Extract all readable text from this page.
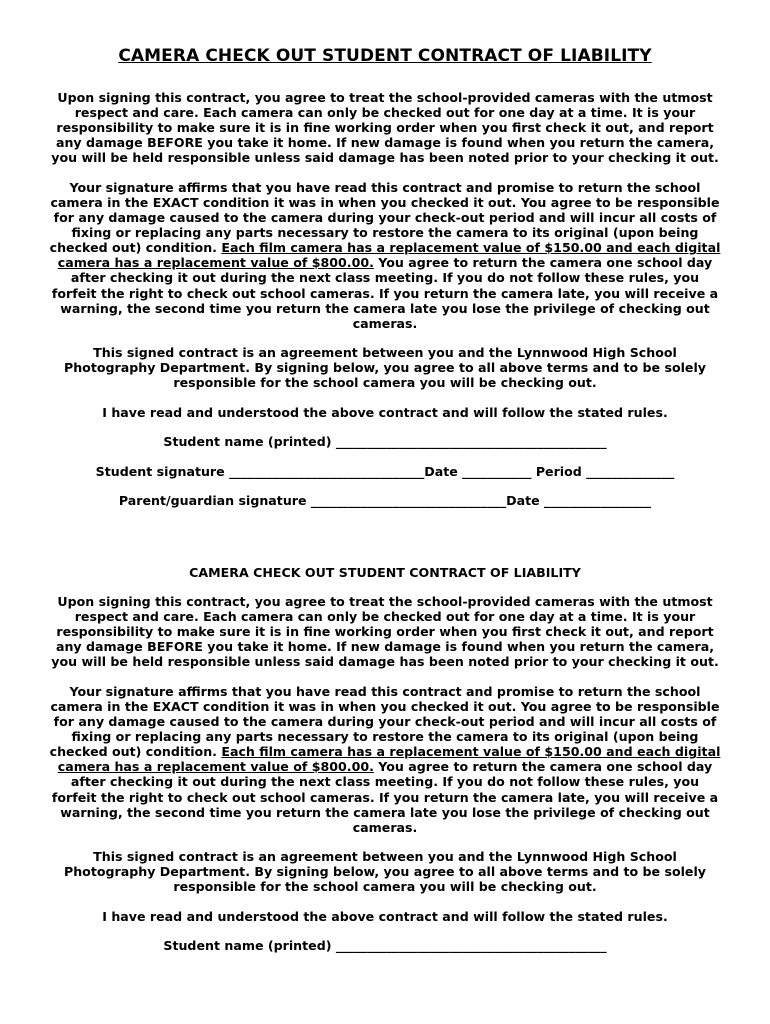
CAMERA CHECK OUT STUDENT CONTRACT OF LIABILITY

Upon signing this contract, you agree to treat the school-provided cameras with the utmost respect and care. Each camera can only be checked out for one day at a time. It is your responsibility to make sure it is in fine working order when you first check it out, and report any damage BEFORE you take it home. If new damage is found when you return the camera, you will be held responsible unless said damage has been noted prior to your checking it out.

Your signature affirms that you have read this contract and promise to return the school camera in the EXACT condition it was in when you checked it out. You agree to be responsible for any damage caused to the camera during your check-out period and will incur all costs of fixing or replacing any parts necessary to restore the camera to its original (upon being checked out) condition. Each film camera has a replacement value of $150.00 and each digital camera has a replacement value of $800.00. You agree to return the camera one school day after checking it out during the next class meeting. If you do not follow these rules, you forfeit the right to check out school cameras. If you return the camera late, you will receive a warning, the second time you return the camera late you lose the privilege of checking out cameras.

This signed contract is an agreement between you and the Lynnwood High School Photography Department. By signing below, you agree to all above terms and to be solely responsible for the school camera you will be checking out.

I have read and understood the above contract and will follow the stated rules.

Student name (printed) ___________________________________________

Student signature _______________________________Date ___________ Period ______________

Parent/guardian signature _______________________________Date _________________

CAMERA CHECK OUT STUDENT CONTRACT OF LIABILITY

Upon signing this contract, you agree to treat the school-provided cameras with the utmost respect and care. Each camera can only be checked out for one day at a time. It is your responsibility to make sure it is in fine working order when you first check it out, and report any damage BEFORE you take it home. If new damage is found when you return the camera, you will be held responsible unless said damage has been noted prior to your checking it out.

Your signature affirms that you have read this contract and promise to return the school camera in the EXACT condition it was in when you checked it out. You agree to be responsible for any damage caused to the camera during your check-out period and will incur all costs of fixing or replacing any parts necessary to restore the camera to its original (upon being checked out) condition. Each film camera has a replacement value of $150.00 and each digital camera has a replacement value of $800.00. You agree to return the camera one school day after checking it out during the next class meeting. If you do not follow these rules, you forfeit the right to check out school cameras. If you return the camera late, you will receive a warning, the second time you return the camera late you lose the privilege of checking out cameras.

This signed contract is an agreement between you and the Lynnwood High School Photography Department. By signing below, you agree to all above terms and to be solely responsible for the school camera you will be checking out.

I have read and understood the above contract and will follow the stated rules.

Student name (printed) ___________________________________________
